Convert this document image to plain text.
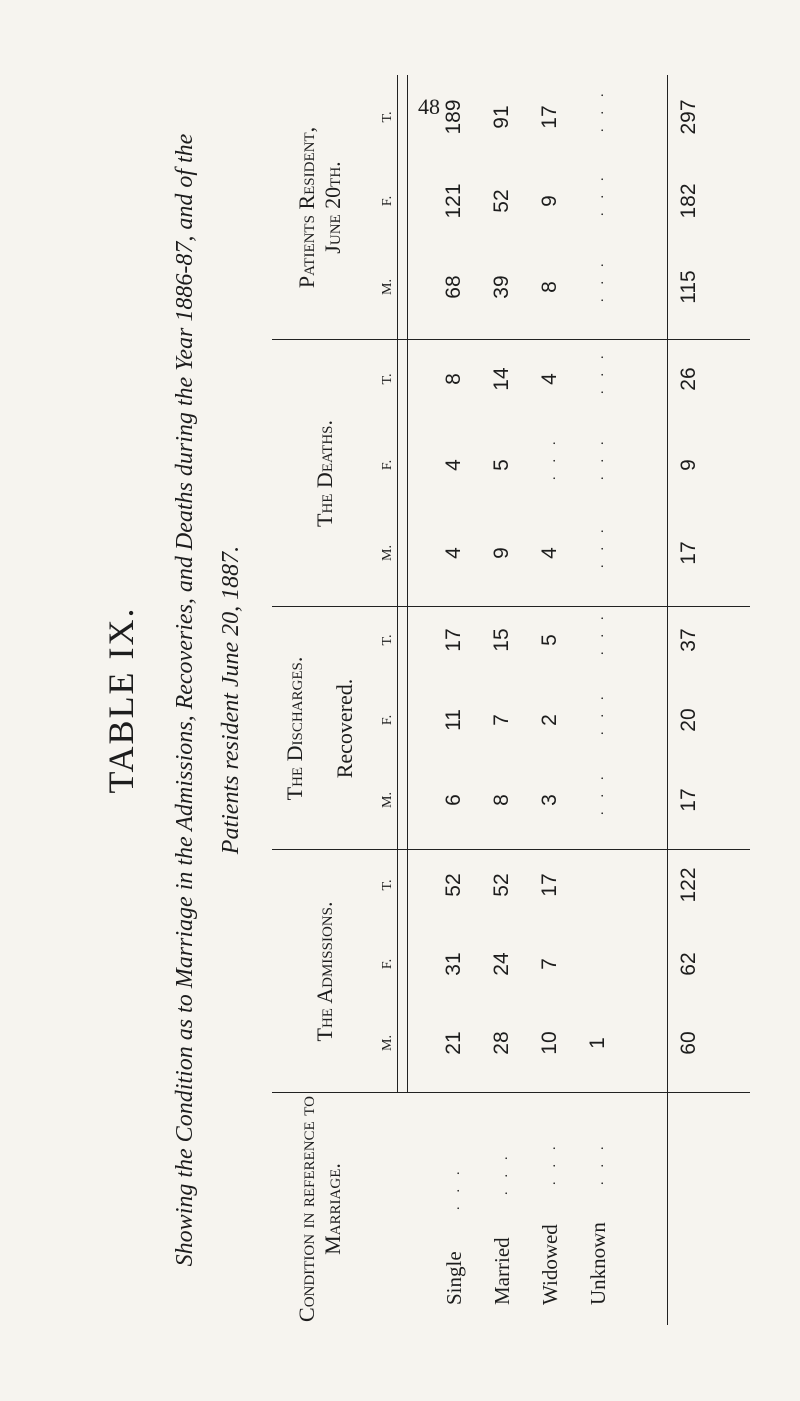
48
TABLE IX. Showing the Condition as to Marriage in the Admissions, Recoveries, and Deaths during the Year 1886-87, and of the Patients resident June 20, 1887.
Condition in reference to Marriage.
The Admissions.
The Discharges. Recovered.
The Deaths.
Patients Resident, June 20th.
M.
F.
T.
M.
F.
T.
M.
F.
T.
M.
F.
T.
Single Married Widowed Unknown
... ... ... ...
21
31
52
28
24
52
10
7
17
1	60
62
122
6
11
17
8
7
15
3
2
5
...
...
...
17
20
37
4
4
8
9
5
14
4
...
4
...
...
...
17
9
26
68
121
189
39
52
91
8
9
17
...
...
...
115
182
297
